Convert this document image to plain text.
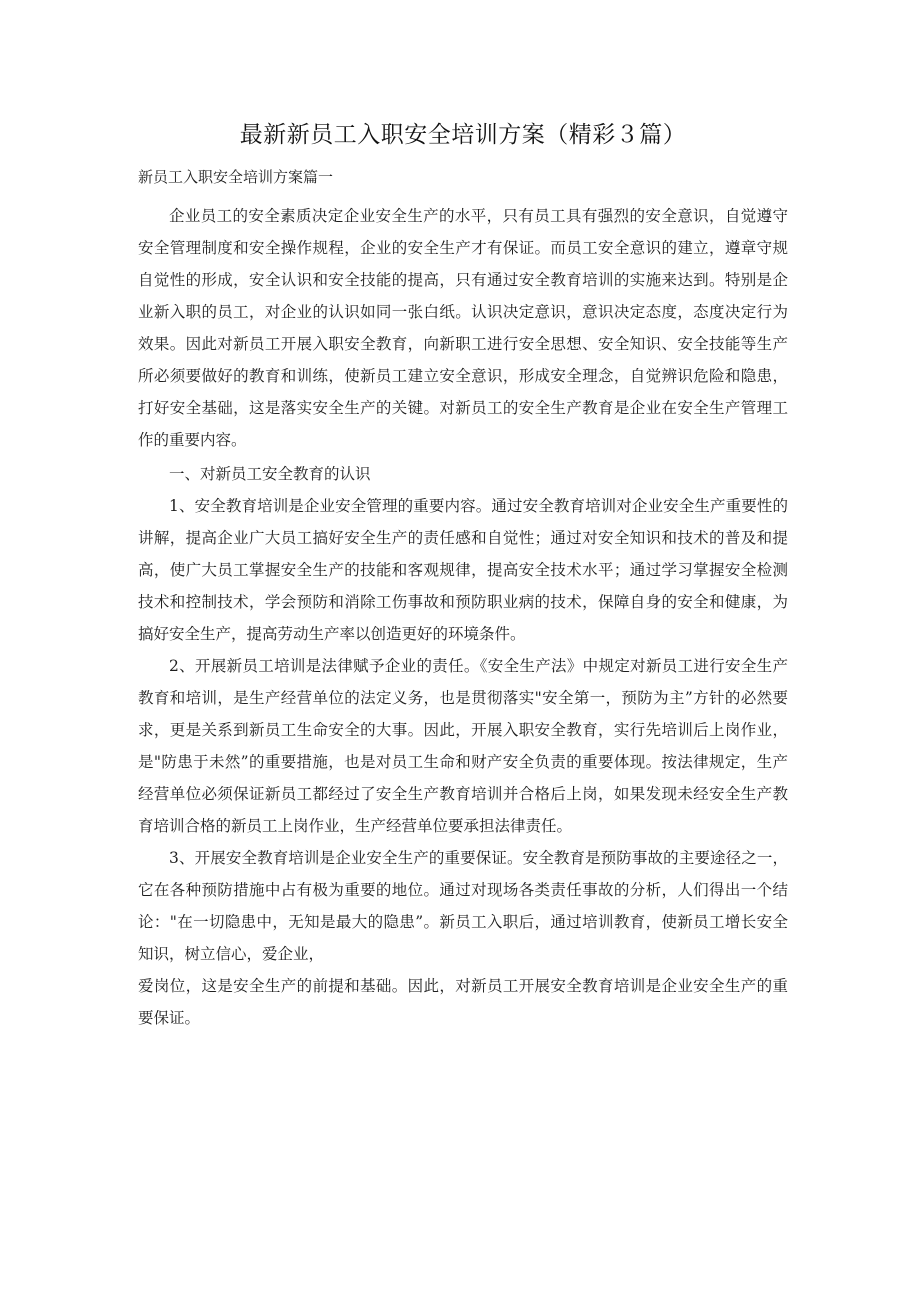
最新新员工入职安全培训方案（精彩３篇）

新员工入职安全培训方案篇一

企业员工的安全素质决定企业安全生产的水平，只有员工具有强烈的安全意识，自觉遵守安全管理制度和安全操作规程，企业的安全生产才有保证。而员工安全意识的建立，遵章守规自觉性的形成，安全认识和安全技能的提高，只有通过安全教育培训的实施来达到。特别是企业新入职的员工，对企业的认识如同一张白纸。认识决定意识，意识决定态度，态度决定行为效果。因此对新员工开展入职安全教育，向新职工进行安全思想、安全知识、安全技能等生产所必须要做好的教育和训练，使新员工建立安全意识，形成安全理念，自觉辨识危险和隐患，打好安全基础，这是落实安全生产的关键。对新员工的安全生产教育是企业在安全生产管理工作的重要内容。

一、对新员工安全教育的认识

1、安全教育培训是企业安全管理的重要内容。通过安全教育培训对企业安全生产重要性的讲解，提高企业广大员工搞好安全生产的责任感和自觉性；通过对安全知识和技术的普及和提高，使广大员工掌握安全生产的技能和客观规律，提高安全技术水平；通过学习掌握安全检测技术和控制技术，学会预防和消除工伤事故和预防职业病的技术，保障自身的安全和健康，为搞好安全生产，提高劳动生产率以创造更好的环境条件。

2、开展新员工培训是法律赋予企业的责任。《安全生产法》中规定对新员工进行安全生产教育和培训，是生产经营单位的法定义务，也是贯彻落实"安全第一，预防为主”方针的必然要求，更是关系到新员工生命安全的大事。因此，开展入职安全教育，实行先培训后上岗作业，是"防患于未然”的重要措施，也是对员工生命和财产安全负责的重要体现。按法律规定，生产经营单位必须保证新员工都经过了安全生产教育培训并合格后上岗，如果发现未经安全生产教育培训合格的新员工上岗作业，生产经营单位要承担法律责任。

3、开展安全教育培训是企业安全生产的重要保证。安全教育是预防事故的主要途径之一，它在各种预防措施中占有极为重要的地位。通过对现场各类责任事故的分析，人们得出一个结论："在一切隐患中，无知是最大的隐患”。新员工入职后，通过培训教育，使新员工增长安全知识，树立信心，爱企业，

爱岗位，这是安全生产的前提和基础。因此，对新员工开展安全教育培训是企业安全生产的重要保证。
